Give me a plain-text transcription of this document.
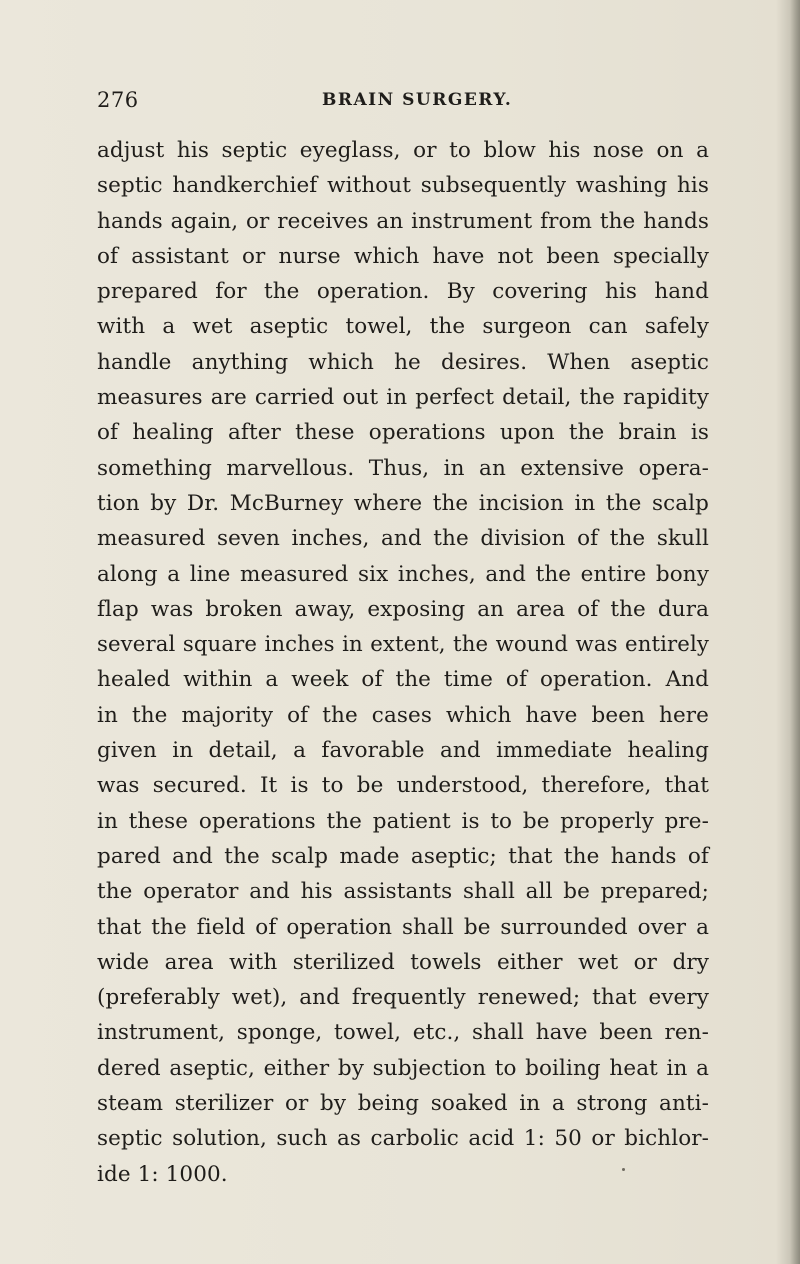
276	BRAIN SURGERY.
adjust his septic eyeglass, or to blow his nose on a
septic handkerchief without subsequently washing his
hands again, or receives an instrument from the hands
of assistant or nurse which have not been specially
prepared for the operation. By covering his hand
with a wet aseptic towel, the surgeon can safely
handle anything which he desires. When aseptic
measures are carried out in perfect detail, the rapidity
of healing after these operations upon the brain is
something marvellous. Thus, in an extensive opera-
tion by Dr. McBurney where the incision in the scalp
measured seven inches, and the division of the skull
along a line measured six inches, and the entire bony
flap was broken away, exposing an area of the dura
several square inches in extent, the wound was entirely
healed within a week of the time of operation. And
in the majority of the cases which have been here
given in detail, a favorable and immediate healing
was secured. It is to be understood, therefore, that
in these operations the patient is to be properly pre-
pared and the scalp made aseptic; that the hands of
the operator and his assistants shall all be prepared;
that the field of operation shall be surrounded over a
wide area with sterilized towels either wet or dry
(preferably wet), and frequently renewed; that every
instrument, sponge, towel, etc., shall have been ren-
dered aseptic, either by subjection to boiling heat in a
steam sterilizer or by being soaked in a strong anti-
septic solution, such as carbolic acid 1: 50 or bichlor-
ide 1: 1000.
